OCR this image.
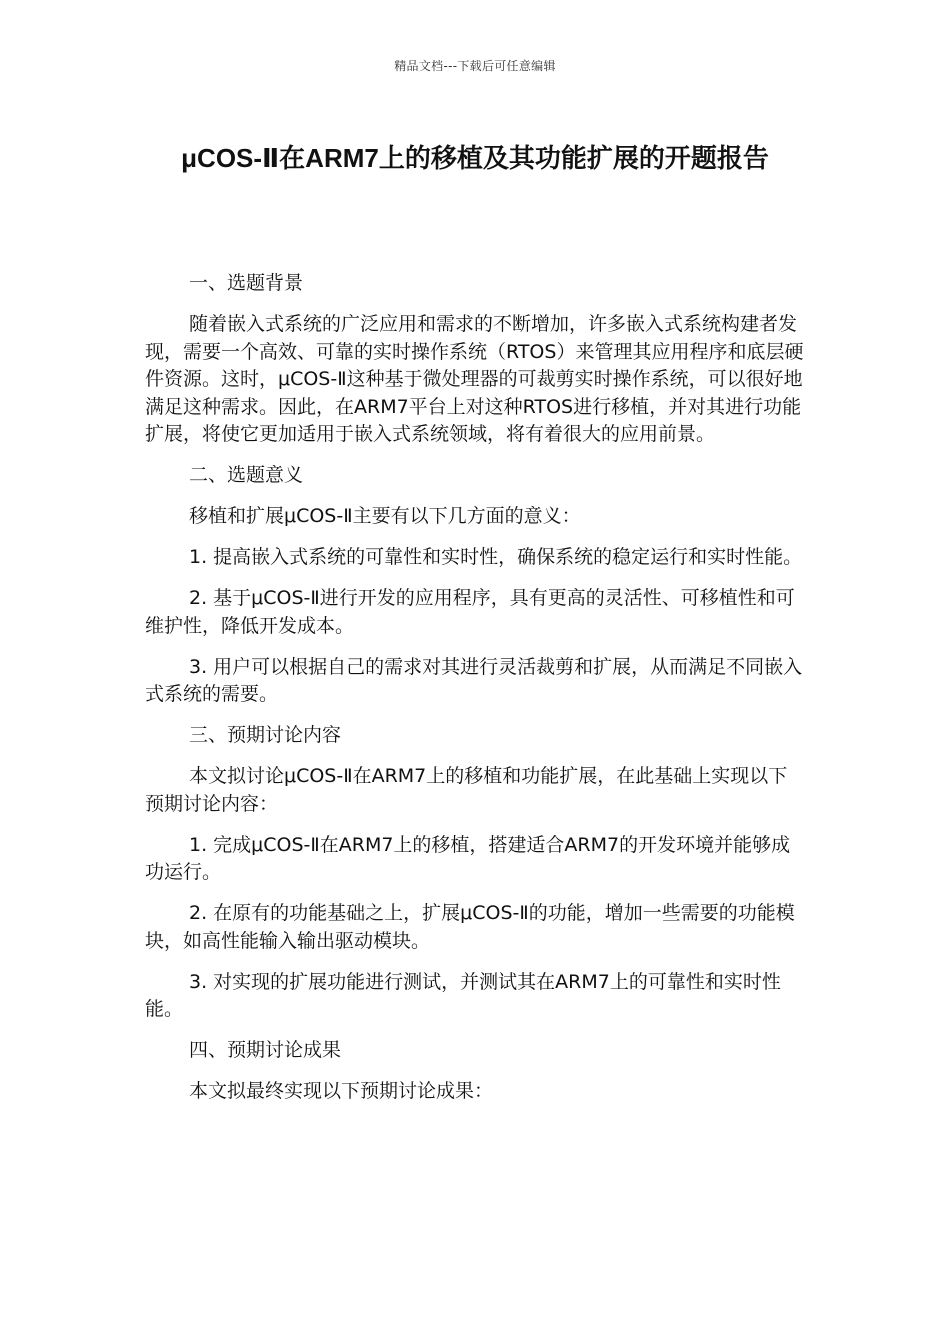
精品文档---下载后可任意编辑
μCOS-Ⅱ在ARM7上的移植及其功能扩展的开题报告

一、选题背景

随着嵌入式系统的广泛应用和需求的不断增加，许多嵌入式系统构建者发现，需要一个高效、可靠的实时操作系统（RTOS）来管理其应用程序和底层硬件资源。这时，μCOS-Ⅱ这种基于微处理器的可裁剪实时操作系统，可以很好地满足这种需求。因此，在ARM7平台上对这种RTOS进行移植，并对其进行功能扩展，将使它更加适用于嵌入式系统领域，将有着很大的应用前景。

二、选题意义

移植和扩展μCOS-Ⅱ主要有以下几方面的意义：

1. 提高嵌入式系统的可靠性和实时性，确保系统的稳定运行和实时性能。

2. 基于μCOS-Ⅱ进行开发的应用程序，具有更高的灵活性、可移植性和可维护性，降低开发成本。

3. 用户可以根据自己的需求对其进行灵活裁剪和扩展，从而满足不同嵌入式系统的需要。

三、预期讨论内容

本文拟讨论μCOS-Ⅱ在ARM7上的移植和功能扩展，在此基础上实现以下预期讨论内容：

1. 完成μCOS-Ⅱ在ARM7上的移植，搭建适合ARM7的开发环境并能够成功运行。

2. 在原有的功能基础之上，扩展μCOS-Ⅱ的功能，增加一些需要的功能模块，如高性能输入输出驱动模块。

3. 对实现的扩展功能进行测试，并测试其在ARM7上的可靠性和实时性能。

四、预期讨论成果

本文拟最终实现以下预期讨论成果：
